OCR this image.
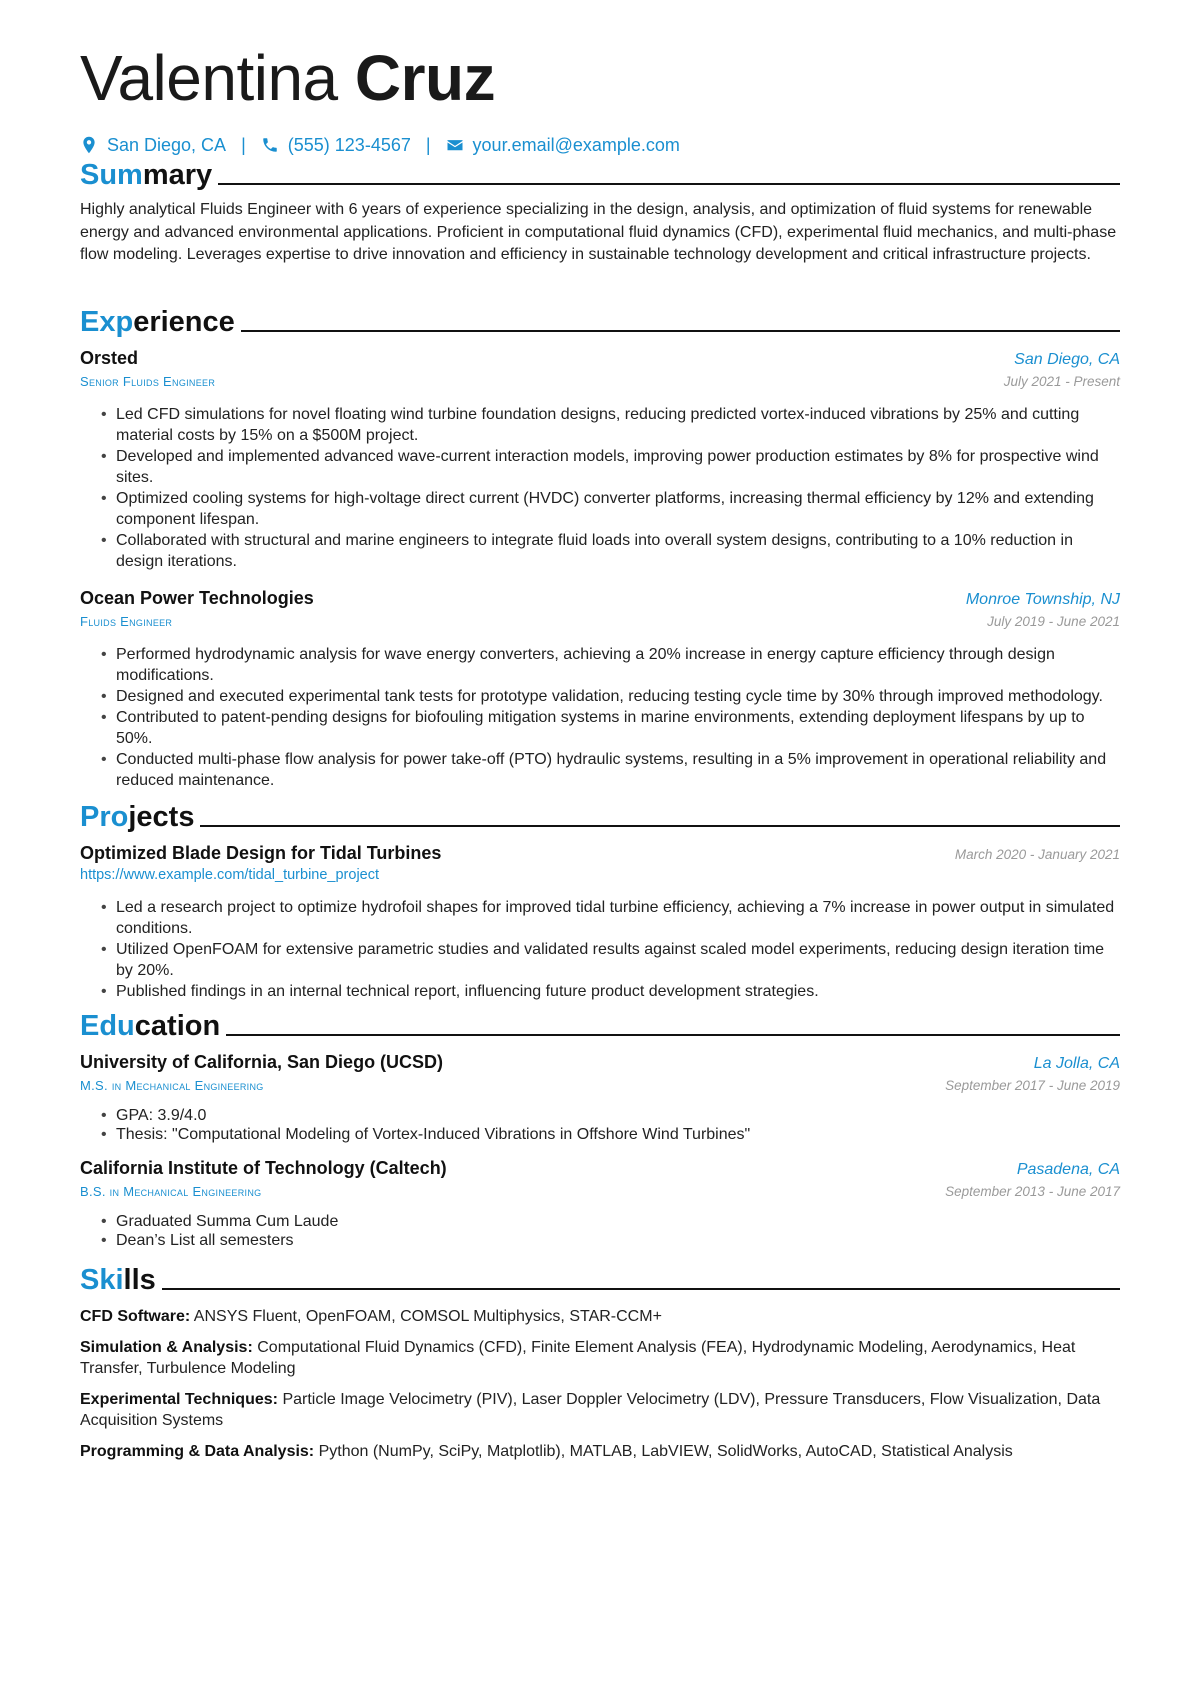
Valentina Cruz
San Diego, CA | (555) 123-4567 | your.email@example.com
Summary
Highly analytical Fluids Engineer with 6 years of experience specializing in the design, analysis, and optimization of fluid systems for renewable energy and advanced environmental applications. Proficient in computational fluid dynamics (CFD), experimental fluid mechanics, and multi-phase flow modeling. Leverages expertise to drive innovation and efficiency in sustainable technology development and critical infrastructure projects.
Experience
Orsted	San Diego, CA
Senior Fluids Engineer	July 2021 - Present
• Led CFD simulations for novel floating wind turbine foundation designs, reducing predicted vortex-induced vibrations by 25% and cutting material costs by 15% on a $500M project.
• Developed and implemented advanced wave-current interaction models, improving power production estimates by 8% for prospective wind sites.
• Optimized cooling systems for high-voltage direct current (HVDC) converter platforms, increasing thermal efficiency by 12% and extending component lifespan.
• Collaborated with structural and marine engineers to integrate fluid loads into overall system designs, contributing to a 10% reduction in design iterations.
Ocean Power Technologies	Monroe Township, NJ
Fluids Engineer	July 2019 - June 2021
• Performed hydrodynamic analysis for wave energy converters, achieving a 20% increase in energy capture efficiency through design modifications.
• Designed and executed experimental tank tests for prototype validation, reducing testing cycle time by 30% through improved methodology.
• Contributed to patent-pending designs for biofouling mitigation systems in marine environments, extending deployment lifespans by up to 50%.
• Conducted multi-phase flow analysis for power take-off (PTO) hydraulic systems, resulting in a 5% improvement in operational reliability and reduced maintenance.
Projects
Optimized Blade Design for Tidal Turbines	March 2020 - January 2021
https://www.example.com/tidal_turbine_project
• Led a research project to optimize hydrofoil shapes for improved tidal turbine efficiency, achieving a 7% increase in power output in simulated conditions.
• Utilized OpenFOAM for extensive parametric studies and validated results against scaled model experiments, reducing design iteration time by 20%.
• Published findings in an internal technical report, influencing future product development strategies.
Education
University of California, San Diego (UCSD)	La Jolla, CA
M.S. in Mechanical Engineering	September 2017 - June 2019
• GPA: 3.9/4.0
• Thesis: "Computational Modeling of Vortex-Induced Vibrations in Offshore Wind Turbines"
California Institute of Technology (Caltech)	Pasadena, CA
B.S. in Mechanical Engineering	September 2013 - June 2017
• Graduated Summa Cum Laude
• Dean’s List all semesters
Skills
CFD Software: ANSYS Fluent, OpenFOAM, COMSOL Multiphysics, STAR-CCM+
Simulation & Analysis: Computational Fluid Dynamics (CFD), Finite Element Analysis (FEA), Hydrodynamic Modeling, Aerodynamics, Heat Transfer, Turbulence Modeling
Experimental Techniques: Particle Image Velocimetry (PIV), Laser Doppler Velocimetry (LDV), Pressure Transducers, Flow Visualization, Data Acquisition Systems
Programming & Data Analysis: Python (NumPy, SciPy, Matplotlib), MATLAB, LabVIEW, SolidWorks, AutoCAD, Statistical Analysis
